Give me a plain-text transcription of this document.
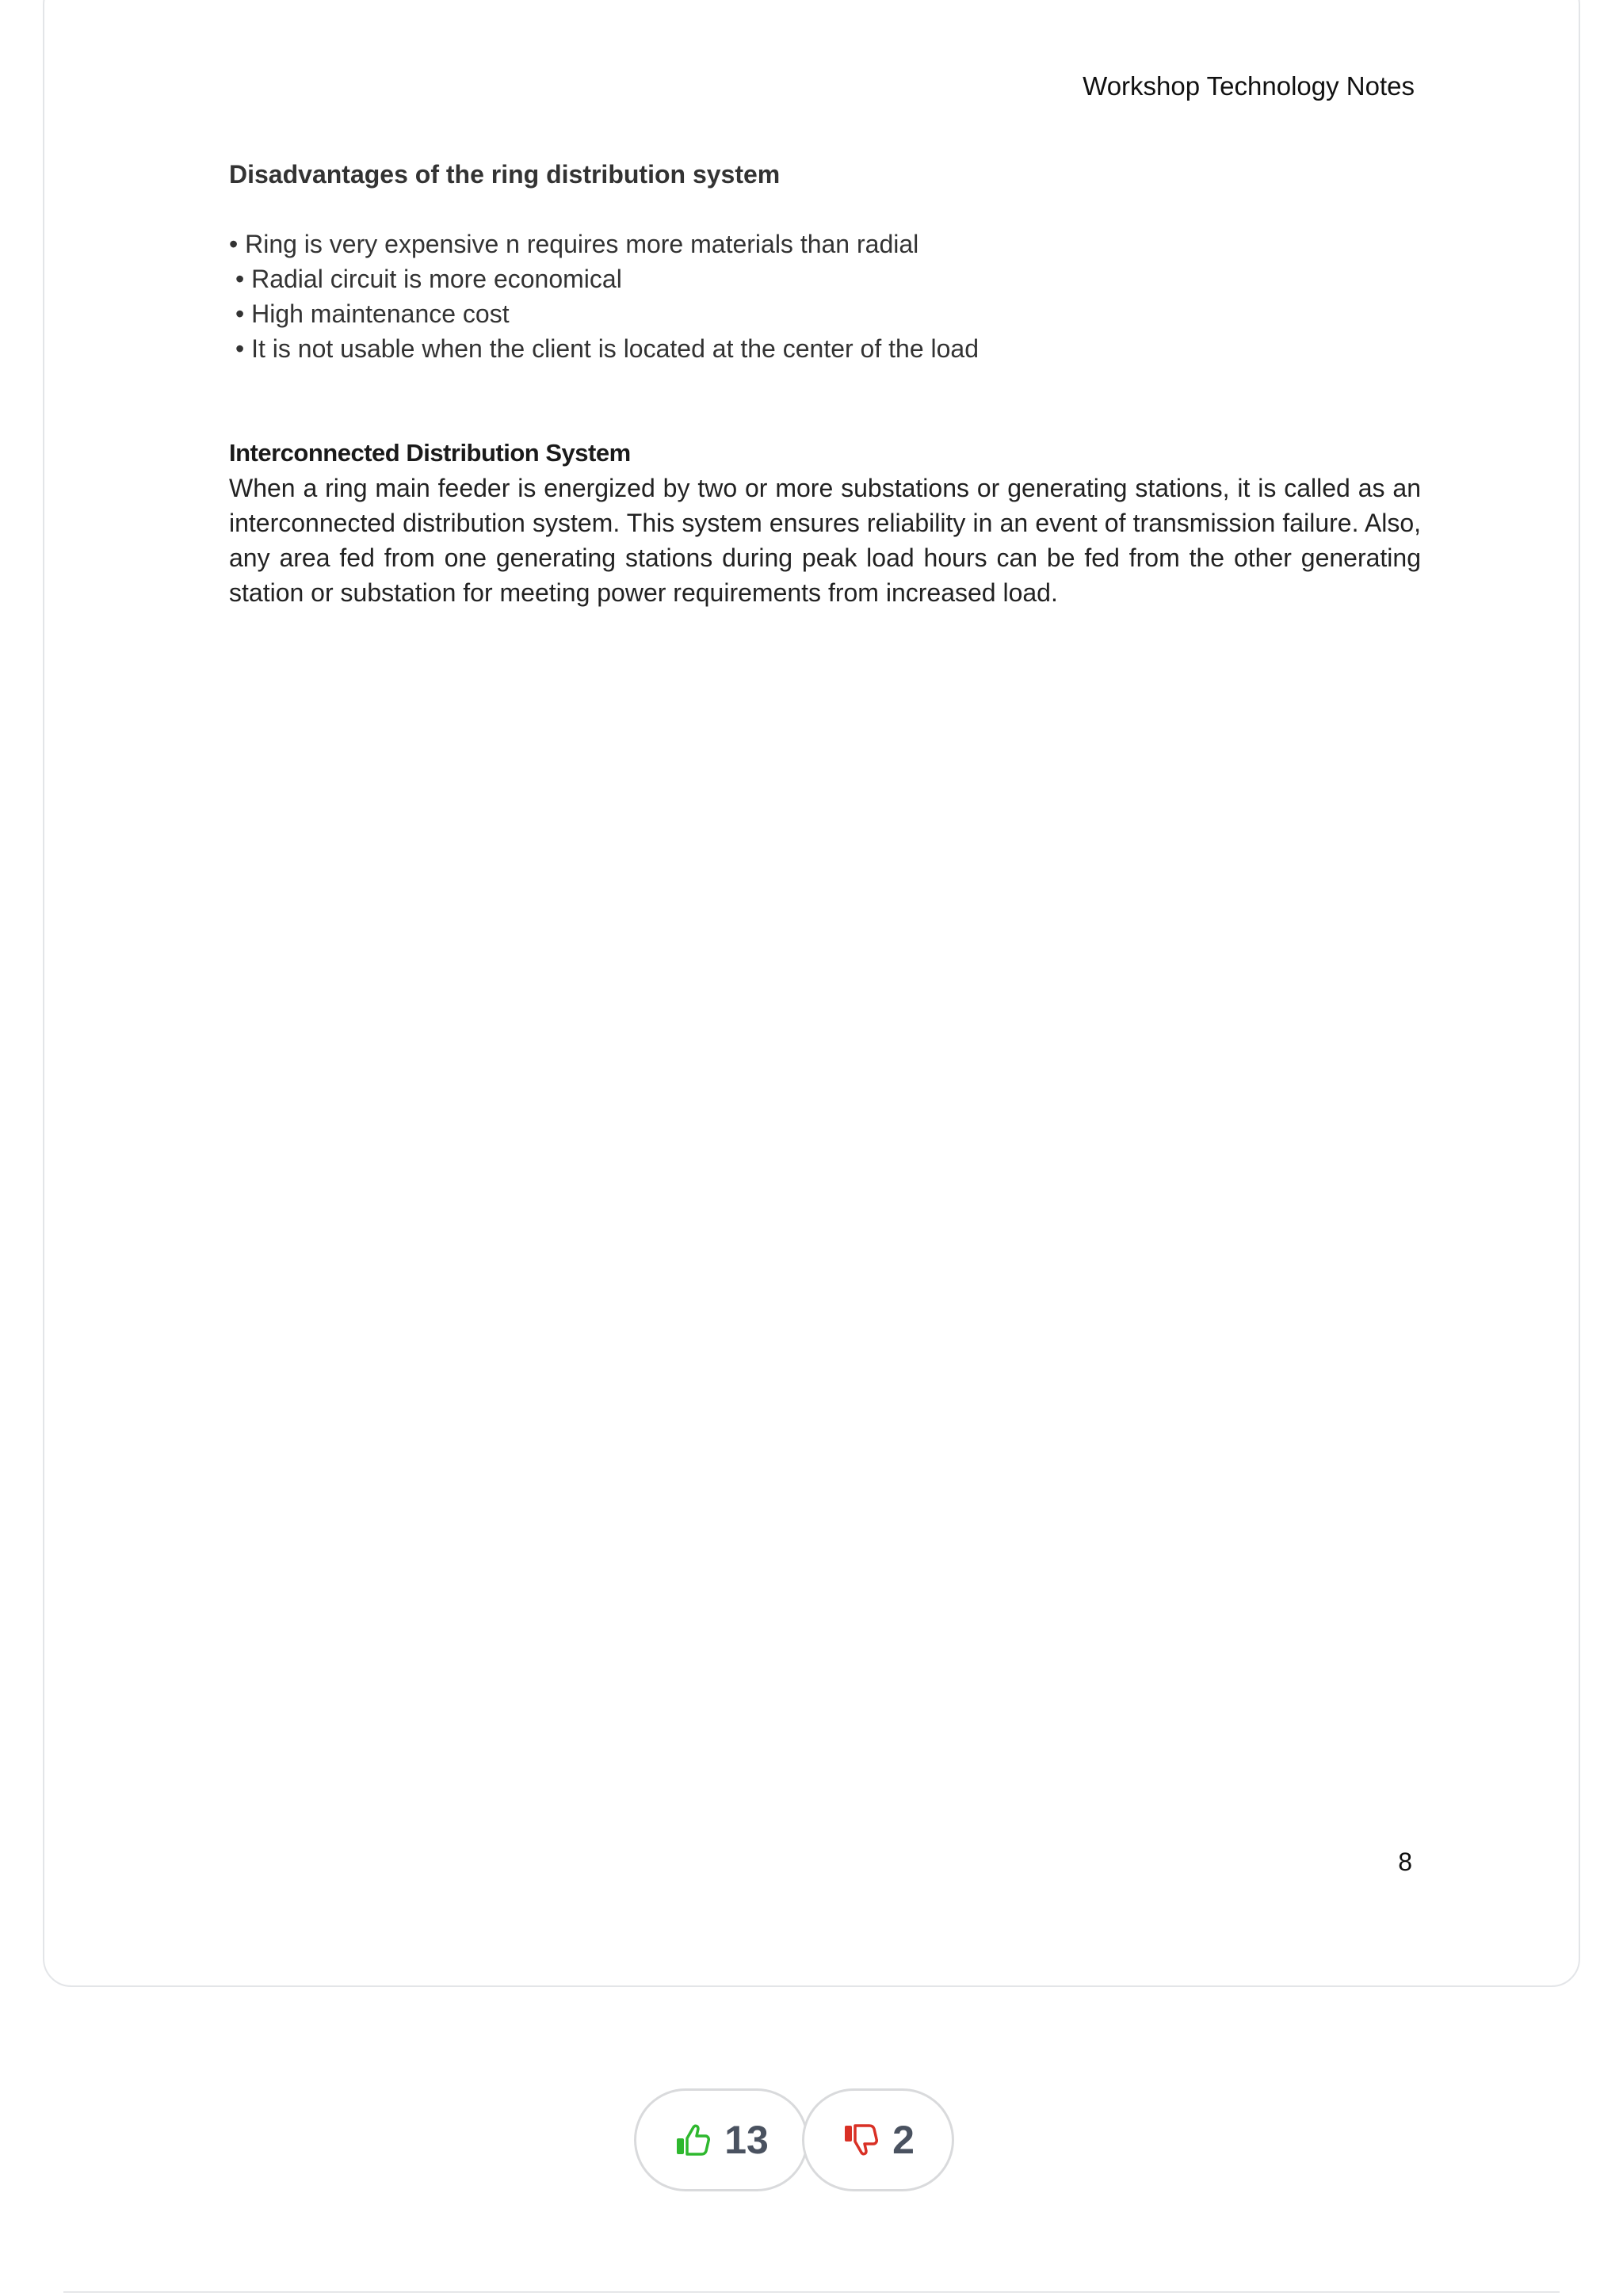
Workshop Technology Notes

Disadvantages of the ring distribution system

• Ring is very expensive n requires more materials than radial
• Radial circuit is more economical
• High maintenance cost
• It is not usable when the client is located at the center of the load

Interconnected Distribution System

When a ring main feeder is energized by two or more substations or generating stations, it is called as an interconnected distribution system. This system ensures reliability in an event of transmission failure. Also, any area fed from one generating stations during peak load hours can be fed from the other generating station or substation for meeting power requirements from increased load.

8
13	2
